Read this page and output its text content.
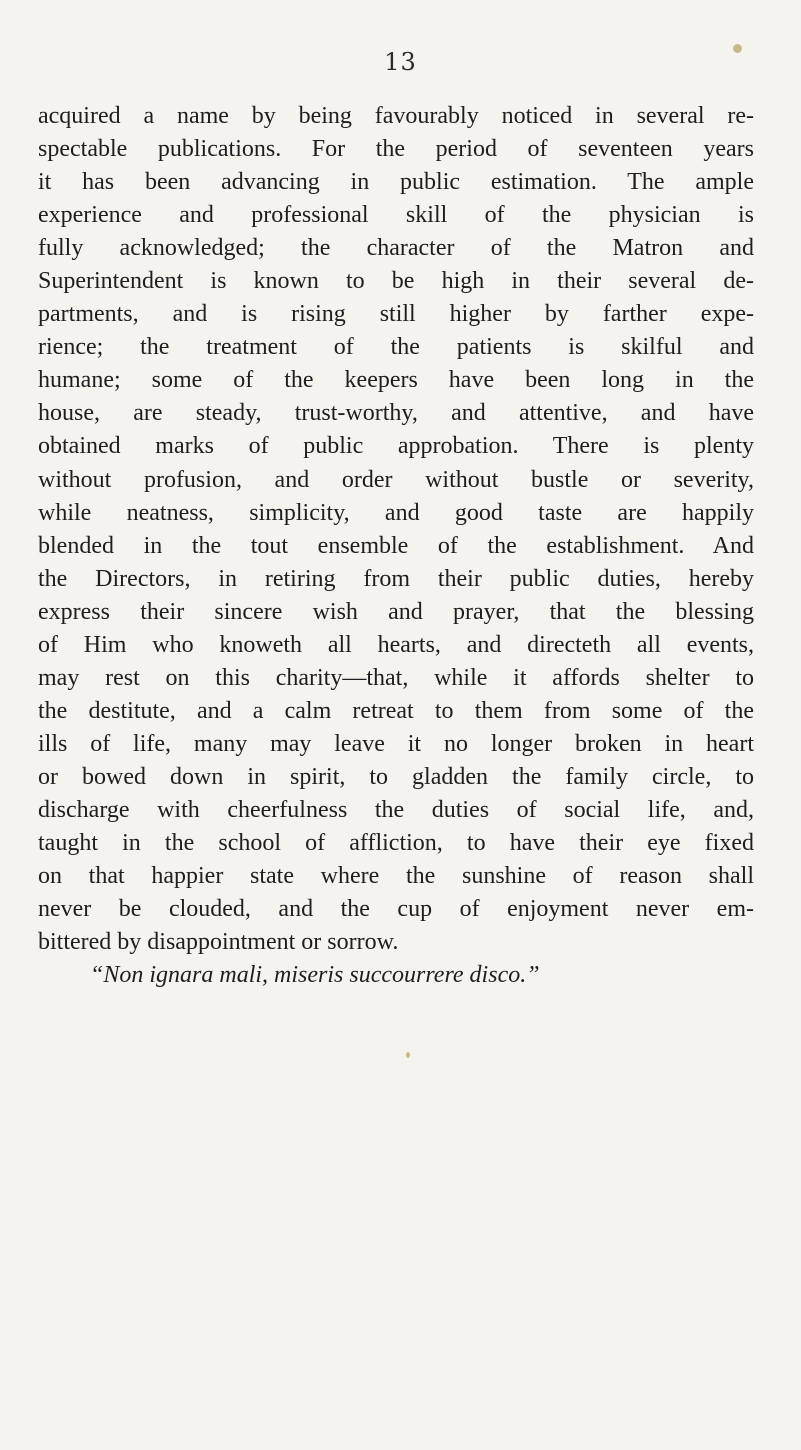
13
acquired a name by being favourably noticed in several re-
spectable publications. For the period of seventeen years
it has been advancing in public estimation. The ample
experience and professional skill of the physician is
fully acknowledged; the character of the Matron and
Superintendent is known to be high in their several de-
partments, and is rising still higher by farther expe-
rience; the treatment of the patients is skilful and
humane; some of the keepers have been long in the
house, are steady, trust-worthy, and attentive, and have
obtained marks of public approbation. There is plenty
without profusion, and order without bustle or severity,
while neatness, simplicity, and good taste are happily
blended in the tout ensemble of the establishment. And
the Directors, in retiring from their public duties, hereby
express their sincere wish and prayer, that the blessing
of Him who knoweth all hearts, and directeth all events,
may rest on this charity—that, while it affords shelter to
the destitute, and a calm retreat to them from some of the
ills of life, many may leave it no longer broken in heart
or bowed down in spirit, to gladden the family circle, to
discharge with cheerfulness the duties of social life, and,
taught in the school of affliction, to have their eye fixed
on that happier state where the sunshine of reason shall
never be clouded, and the cup of enjoyment never em-
bittered by disappointment or sorrow.
“Non ignara mali, miseris succourrere disco.”
